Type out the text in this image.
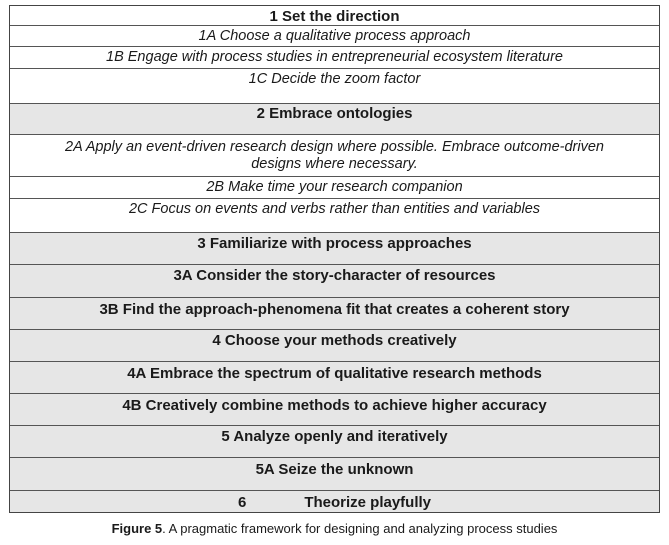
1 Set the direction
1A Choose a qualitative process approach
1B Engage with process studies in entrepreneurial ecosystem literature
1C Decide the zoom factor
2 Embrace ontologies
2A Apply an event-driven research design where possible. Embrace outcome-driven designs where necessary.
2B Make time your research companion
2C Focus on events and verbs rather than entities and variables
3 Familiarize with process approaches
3A Consider the story-character of resources
3B Find the approach-phenomena fit that creates a coherent story
4 Choose your methods creatively
4A Embrace the spectrum of qualitative research methods
4B Creatively combine methods to achieve higher accuracy
5 Analyze openly and iteratively
5A Seize the unknown
6	Theorize playfully
Figure 5. A pragmatic framework for designing and analyzing process studies
